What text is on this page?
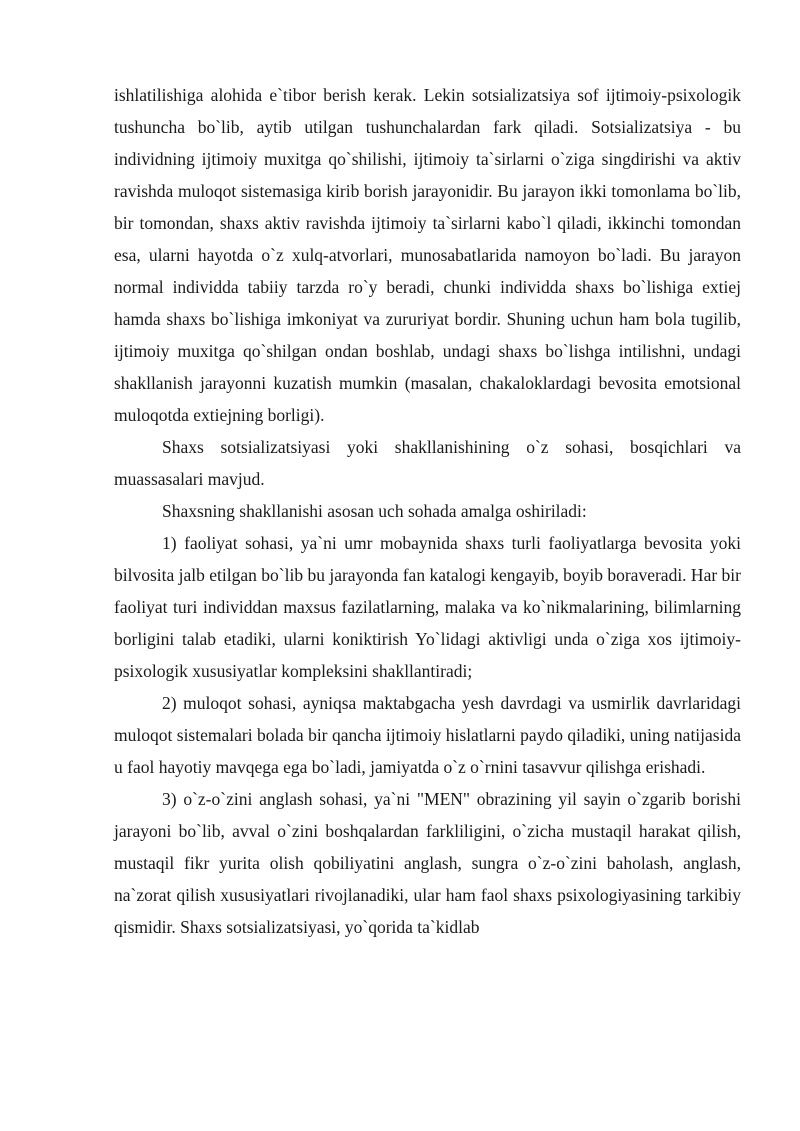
ishlatilishiga alohida e`tibor berish kerak. Lekin sotsializatsiya sof ijtimoiy-psixologik tushuncha bo`lib, aytib utilgan tushunchalardan fark qiladi. Sotsializatsiya - bu individning ijtimoiy muxitga qo`shilishi, ijtimoiy ta`sirlarni o`ziga singdirishi va aktiv ravishda muloqot sistemasiga kirib borish jarayonidir. Bu jarayon ikki tomonlama bo`lib, bir tomondan, shaxs aktiv ravishda ijtimoiy ta`sirlarni kabo`l qiladi, ikkinchi tomondan esa, ularni hayotda o`z xulq-atvorlari, munosabatlarida namoyon bo`ladi. Bu jarayon normal individda tabiiy tarzda ro`y beradi, chunki individda shaxs bo`lishiga extiej hamda shaxs bo`lishiga imkoniyat va zururiyat bordir. Shuning uchun ham bola tugilib, ijtimoiy muxitga qo`shilgan ondan boshlab, undagi shaxs bo`lishga intilishni, undagi shakllanish jarayonni kuzatish mumkin (masalan, chakaloklardagi bevosita emotsional muloqotda extiejning borligi).

Shaxs sotsializatsiyasi yoki shakllanishining o`z sohasi, bosqichlari va muassasalari mavjud.

Shaxsning shakllanishi asosan uch sohada amalga oshiriladi:

1) faoliyat sohasi, ya`ni umr mobaynida shaxs turli faoliyatlarga bevosita yoki bilvosita jalb etilgan bo`lib bu jarayonda fan katalogi kengayib, boyib boraveradi. Har bir faoliyat turi individdan maxsus fazilatlarning, malaka va ko`nikmalarining, bilimlarning borligini talab etadiki, ularni koniktirish Yo`lidagi aktivligi unda o`ziga xos ijtimoiy-psixologik xususiyatlar kompleksini shakllantiradi;

2) muloqot sohasi, ayniqsa maktabgacha yesh davrdagi va usmirlik davrlaridagi muloqot sistemalari bolada bir qancha ijtimoiy hislatlarni paydo qiladiki, uning natijasida u faol hayotiy mavqega ega bo`ladi, jamiyatda o`z o`rnini tasavvur qilishga erishadi.

3) o`z-o`zini anglash sohasi, ya`ni "MEN" obrazining yil sayin o`zgarib borishi jarayoni bo`lib, avval o`zini boshqalardan farkliligini, o`zicha mustaqil harakat qilish, mustaqil fikr yurita olish qobiliyatini anglash, sungra o`z-o`zini baholash, anglash, na`zorat qilish xususiyatlari rivojlanadiki, ular ham faol shaxs psixologiyasining tarkibiy qismidir. Shaxs sotsializatsiyasi, yo`qorida ta`kidlab
